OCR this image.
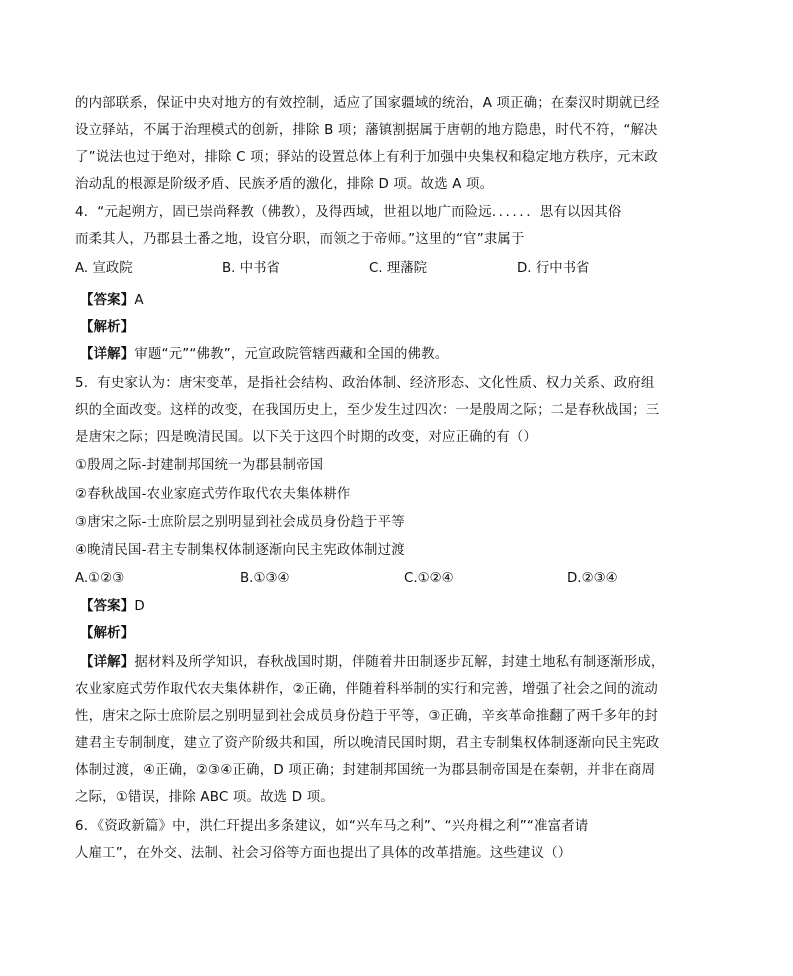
的内部联系，保证中央对地方的有效控制，适应了国家疆域的统治，A 项正确；在秦汉时期就已经
设立驿站，不属于治理模式的创新，排除 B 项；藩镇割据属于唐朝的地方隐患，时代不符，“解决
了”说法也过于绝对，排除 C 项；驿站的设置总体上有利于加强中央集权和稳定地方秩序，元末政
治动乱的根源是阶级矛盾、民族矛盾的激化，排除 D 项。故选 A 项。
4．“元起朔方，固已崇尚释教（佛教），及得西域，世祖以地广而险远．．．．．．思有以因其俗
而柔其人，乃郡县土番之地，设官分职，而领之于帝师。”这里的“官”隶属于
A. 宣政院	B. 中书省	C. 理藩院	D. 行中书省
【答案】A
【解析】
【详解】审题“元”“佛教”，元宣政院管辖西藏和全国的佛教。
5．有史家认为：唐宋变革，是指社会结构、政治体制、经济形态、文化性质、权力关系、政府组
织的全面改变。这样的改变，在我国历史上，至少发生过四次：一是殷周之际；二是春秋战国；三
是唐宋之际；四是晚清民国。以下关于这四个时期的改变，对应正确的有（）
①殷周之际-封建制邦国统一为郡县制帝国
②春秋战国-农业家庭式劳作取代农夫集体耕作
③唐宋之际-士庶阶层之别明显到社会成员身份趋于平等
④晚清民国-君主专制集权体制逐渐向民主宪政体制过渡
A.①②③	B.①③④	C.①②④	D.②③④
【答案】D
【解析】
【详解】据材料及所学知识，春秋战国时期，伴随着井田制逐步瓦解，封建土地私有制逐渐形成，
农业家庭式劳作取代农夫集体耕作，②正确，伴随着科举制的实行和完善，增强了社会之间的流动
性，唐宋之际士庶阶层之别明显到社会成员身份趋于平等，③正确，辛亥革命推翻了两千多年的封
建君主专制制度，建立了资产阶级共和国，所以晚清民国时期，君主专制集权体制逐渐向民主宪政
体制过渡，④正确，②③④正确，D 项正确；封建制邦国统一为郡县制帝国是在秦朝，并非在商周
之际，①错误，排除 ABC 项。故选 D 项。
6．《资政新篇》中，洪仁玕提出多条建议，如“兴车马之利”、“兴舟楫之利”“准富者请
人雇工”，在外交、法制、社会习俗等方面也提出了具体的改革措施。这些建议（）
